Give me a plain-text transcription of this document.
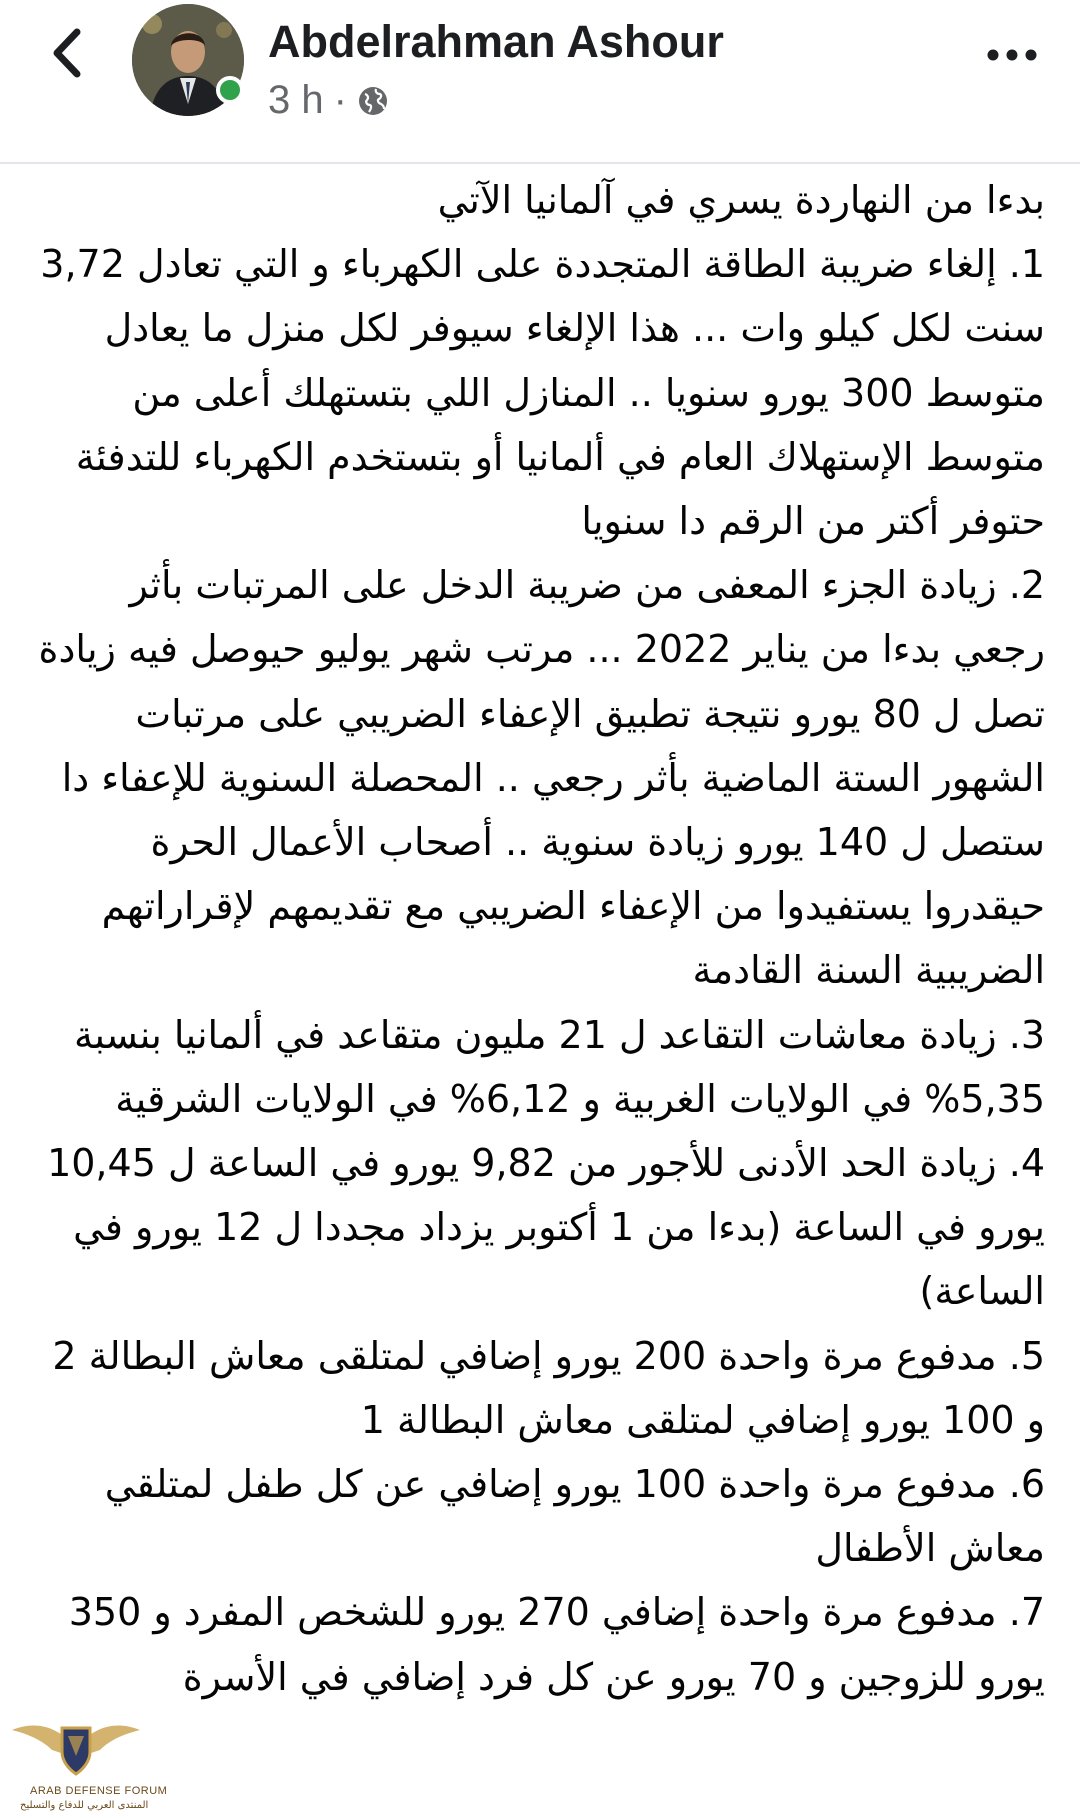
Abdelrahman Ashour
3 h ·

بدءا من النهاردة يسري في آلمانيا الآتي

1. إلغاء ضريبة الطاقة المتجددة على الكهرباء و التي تعادل 3,72 سنت لكل كيلو وات ... هذا الإلغاء سيوفر لكل منزل ما يعادل متوسط 300 يورو سنويا .. المنازل اللي بتستهلك أعلى من متوسط الإستهلاك العام في ألمانيا أو بتستخدم الكهرباء للتدفئة حتوفر أكتر من الرقم دا سنويا

2. زيادة الجزء المعفى من ضريبة الدخل على المرتبات بأثر رجعي بدءا من يناير 2022 ... مرتب شهر يوليو حيوصل فيه زيادة تصل ل 80 يورو نتيجة تطبيق الإعفاء الضريبي على مرتبات الشهور الستة الماضية بأثر رجعي .. المحصلة السنوية للإعفاء دا ستصل ل 140 يورو زيادة سنوية .. أصحاب الأعمال الحرة حيقدروا يستفيدوا من الإعفاء الضريبي مع تقديمهم لإقراراتهم الضريبية السنة القادمة

3. زيادة معاشات التقاعد ل 21 مليون متقاعد في ألمانيا بنسبة 5,35% في الولايات الغربية و 6,12% في الولايات الشرقية

4. زيادة الحد الأدنى للأجور من 9,82 يورو في الساعة ل 10,45 يورو في الساعة (بدءا من 1 أكتوبر يزداد مجددا ل 12 يورو في الساعة)

5. مدفوع مرة واحدة 200 يورو إضافي لمتلقى معاش البطالة 2 و 100 يورو إضافي لمتلقى معاش البطالة 1

6. مدفوع مرة واحدة 100 يورو إضافي عن كل طفل لمتلقي معاش الأطفال

7. مدفوع مرة واحدة إضافي 270 يورو للشخص المفرد و 350 يورو للزوجين و 70 يورو عن كل فرد إضافي في الأسرة

ARAB DEFENSE FORUM
المنتدى العربي للدفاع والتسليح
